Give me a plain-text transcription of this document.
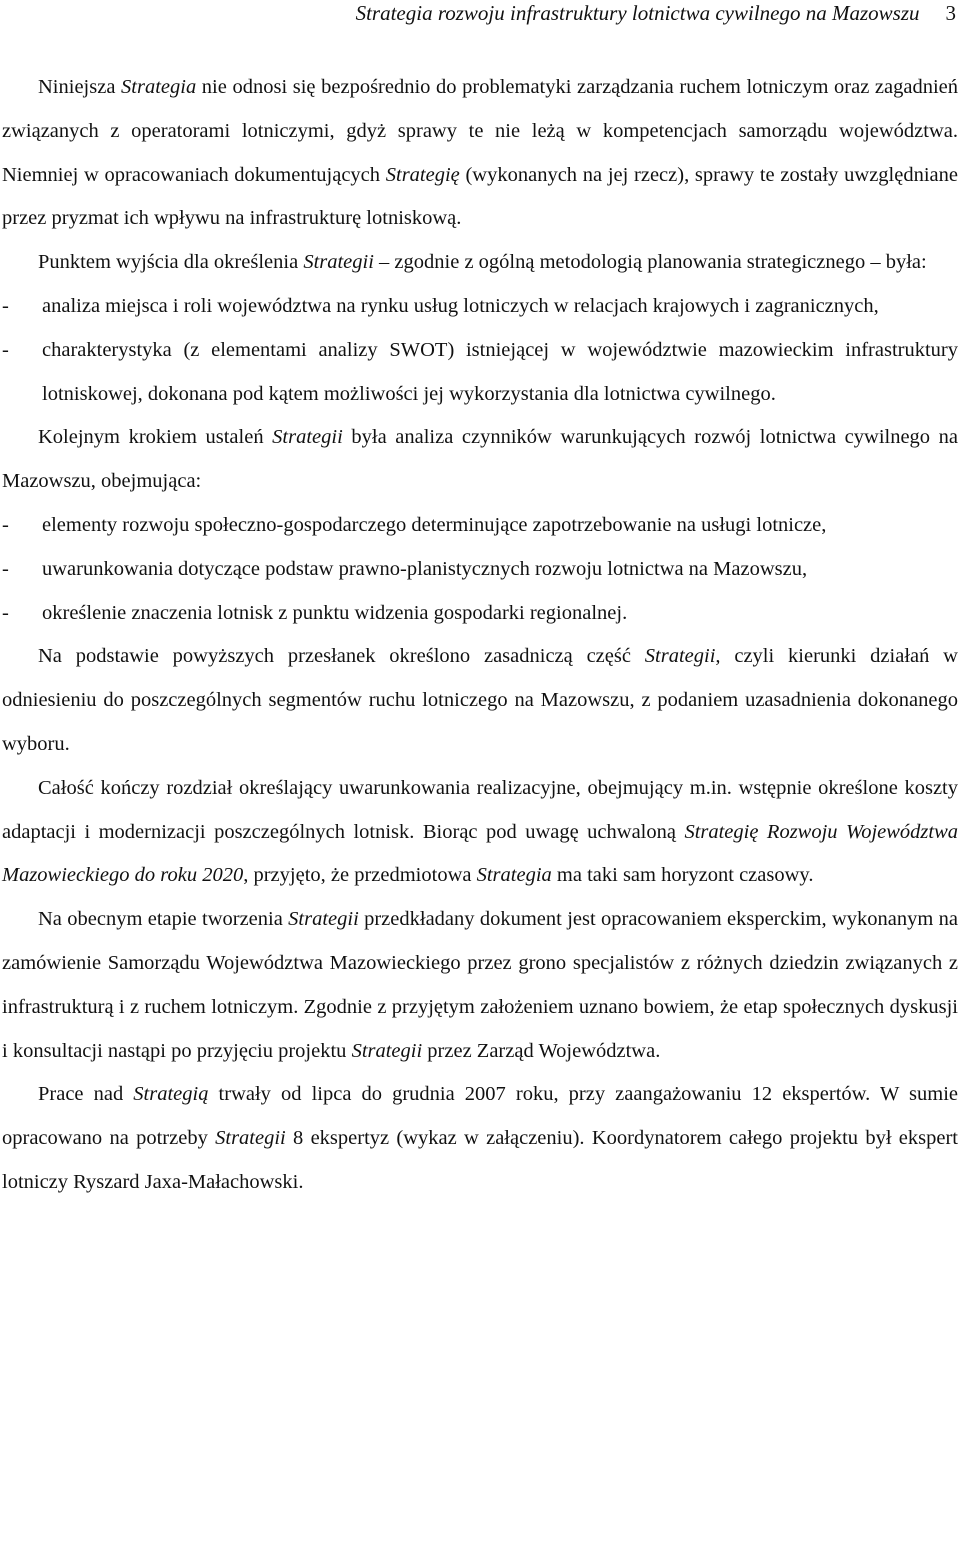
Strategia rozwoju infrastruktury lotnictwa cywilnego na Mazowszu 3

Niniejsza Strategia nie odnosi się bezpośrednio do problematyki zarządzania ruchem lotniczym oraz zagadnień związanych z operatorami lotniczymi, gdyż sprawy te nie leżą w kompetencjach samorządu województwa. Niemniej w opracowaniach dokumentujących Strategię (wykonanych na jej rzecz), sprawy te zostały uwzględniane przez pryzmat ich wpływu na infrastrukturę lotniskową.

Punktem wyjścia dla określenia Strategii – zgodnie z ogólną metodologią planowania strategicznego – była:

-	analiza miejsca i roli województwa na rynku usług lotniczych w relacjach krajowych i zagranicznych,
-	charakterystyka (z elementami analizy SWOT) istniejącej w województwie mazowieckim infrastruktury lotniskowej, dokonana pod kątem możliwości jej wykorzystania dla lotnictwa cywilnego.

Kolejnym krokiem ustaleń Strategii była analiza czynników warunkujących rozwój lotnictwa cywilnego na Mazowszu, obejmująca:

-	elementy rozwoju społeczno-gospodarczego determinujące zapotrzebowanie na usługi lotnicze,
-	uwarunkowania dotyczące podstaw prawno-planistycznych rozwoju lotnictwa na Mazowszu,
-	określenie znaczenia lotnisk z punktu widzenia gospodarki regionalnej.

Na podstawie powyższych przesłanek określono zasadniczą część Strategii, czyli kierunki działań w odniesieniu do poszczególnych segmentów ruchu lotniczego na Mazowszu, z podaniem uzasadnienia dokonanego wyboru.

Całość kończy rozdział określający uwarunkowania realizacyjne, obejmujący m.in. wstępnie określone koszty adaptacji i modernizacji poszczególnych lotnisk. Biorąc pod uwagę uchwaloną Strategię Rozwoju Województwa Mazowieckiego do roku 2020, przyjęto, że przedmiotowa Strategia ma taki sam horyzont czasowy.

Na obecnym etapie tworzenia Strategii przedkładany dokument jest opracowaniem eksperckim, wykonanym na zamówienie Samorządu Województwa Mazowieckiego przez grono specjalistów z różnych dziedzin związanych z infrastrukturą i z ruchem lotniczym. Zgodnie z przyjętym założeniem uznano bowiem, że etap społecznych dyskusji i konsultacji nastąpi po przyjęciu projektu Strategii przez Zarząd Województwa.

Prace nad Strategią trwały od lipca do grudnia 2007 roku, przy zaangażowaniu 12 ekspertów. W sumie opracowano na potrzeby Strategii 8 ekspertyz (wykaz w załączeniu). Koordynatorem całego projektu był ekspert lotniczy Ryszard Jaxa-Małachowski.
